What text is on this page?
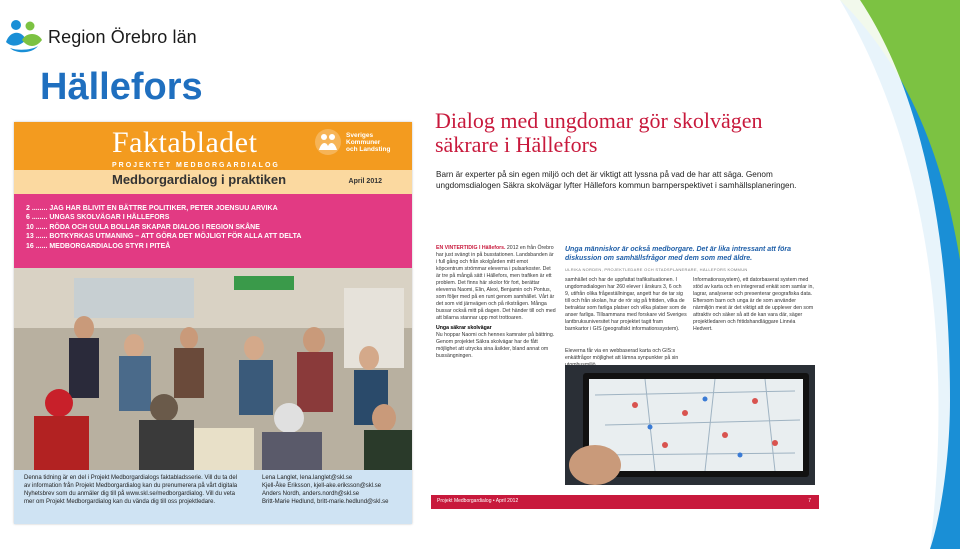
Region Örebro län
Hällefors
Faktabladet
PROJEKTET MEDBORGARDIALOG
Sveriges
Kommuner
och Landsting
Medborgardialog i praktiken	April 2012
2 ........ JAG HAR BLIVIT EN BÄTTRE POLITIKER, PETER JOENSUU ARVIKA
6 ........ UNGAS SKOLVÄGAR I HÄLLEFORS
10 ...... RÖDA OCH GULA BOLLAR SKAPAR DIALOG I REGION SKÅNE
13 ...... BOTKYRKAS UTMANING – ATT GÖRA DET MÖJLIGT FÖR ALLA ATT DELTA
16 ...... MEDBORGARDIALOG STYR I PITEÅ
Denna tidning är en del i Projekt Medborgardialogs faktabladsserie. Vill du ta del av information från Projekt Medborgardialog kan du prenumerera på vårt digitala Nyhetsbrev som du anmäler dig till på www.skl.se/medborgardialog. Vill du veta mer om Projekt Medborgardialog kan du vända dig till oss projektledare.
Lena Langlet, lena.langlet@skl.se
Kjell-Åke Eriksson, kjell-ake.eriksson@skl.se
Anders Nordh, anders.nordh@skl.se
Britt-Marie Hedlund, britt-marie.hedlund@skl.se
Dialog med ungdomar gör skolvägen säkrare i Hällefors
Barn är experter på sin egen miljö och det är viktigt att lyssna på vad de har att säga. Genom ungdomsdialogen Säkra skolvägar lyfter Hällefors kommun barnperspektivet i samhällsplaneringen.
EN VINTERTIDIG I Hällefors. 2012 en från Örebro har just svängt in på busstationen. Landsbanden är i full gång och från skolgården mitt emot köpcentrum strömmar eleverna i pulsarkoster. Det är tre på mångå sätt i Hällefors, men trafiken är ett problem. Det finns här skolor för fort, berättar eleverna Naomi, Elin, Alexi, Benjamin och Pontus, som följer med på en runt genom samhället. Vårt är det som vid järnvägen och på rikstrågen. Många bussar också mitt på dagen. Det händer till och med att bilarna stannar upp mot trottoaren.
Unga säkrar skolvägar
Nu hoppar Naomi och hennes kamrater på bättring. Genom projektet Säkra skolvägar har de fått möjlighet att utrycka sina åsikter, bland annat om bussängningen.
Unga människor är också medborgare. Det är lika intressant att föra diskussion om samhällsfrågor med dem som med äldre.
ULRIKA NORDEN, PROJEKTLEDARE OCH STADSPLANERARE, HÄLLEFORS KOMMUN
samhället och har de uppfattat trafiksituationen. I ungdomsdialogen har 260 elever i årskurs 3, 6 och 9, utifrån olika frågeställningar, angett hur de tar sig till och från skolan, hur de rör sig på fritiden, vilka de betraktar som farliga platser och vilka platser som de anser farliga. Tillsammans med forskare vid Sveriges lantbruksuniversitet har projektet tagit fram barnkartor i GIS (geografiskt informationssystem).
Informationssystem), ett datorbaserat system med stöd av karta och en integrerad enkät som samlar in, lagrar, analyserar och presenterar geografiska data. Eftersom barn och unga är de som använder närmiljön mest är det viktigt att de upplever den som attraktiv och säker så att de kan vara där, säger projektledaren och fritidshandläggare Linnéa Hedvert.
Eleverna får via en webbaserad karta och GIS:s enkätfrågor möjlighet att lämna synpunkter på sin
Projekt Medborgardialog • April 2012	7
